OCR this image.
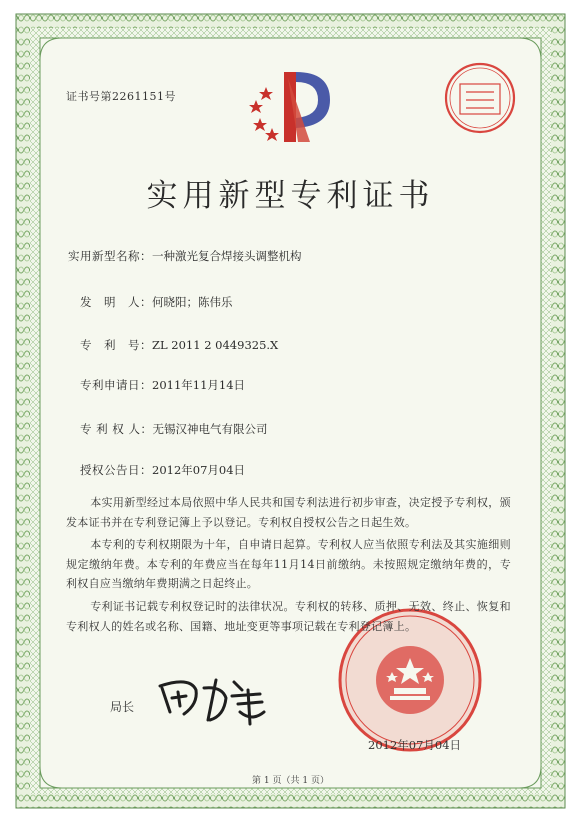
证书号第2261151号
实用新型专利证书
实用新型名称：一种激光复合焊接头调整机构
发　明　人：何晓阳；陈伟乐
专　利　号：ZL 2011 2 0449325.X
专利申请日：2011年11月14日
专 利 权 人：无锡汉神电气有限公司
授权公告日：2012年07月04日

本实用新型经过本局依照中华人民共和国专利法进行初步审查，决定授予专利权，颁发本证书并在专利登记簿上予以登记。专利权自授权公告之日起生效。

本专利的专利权期限为十年，自申请日起算。专利权人应当依照专利法及其实施细则规定缴纳年费。本专利的年费应当在每年11月14日前缴纳。未按照规定缴纳年费的，专利权自应当缴纳年费期满之日起终止。

专利证书记载专利权登记时的法律状况。专利权的转移、质押、无效、终止、恢复和专利权人的姓名或名称、国籍、地址变更等事项记载在专利登记簿上。

局长
2012年07月04日
第 1 页（共 1 页）
